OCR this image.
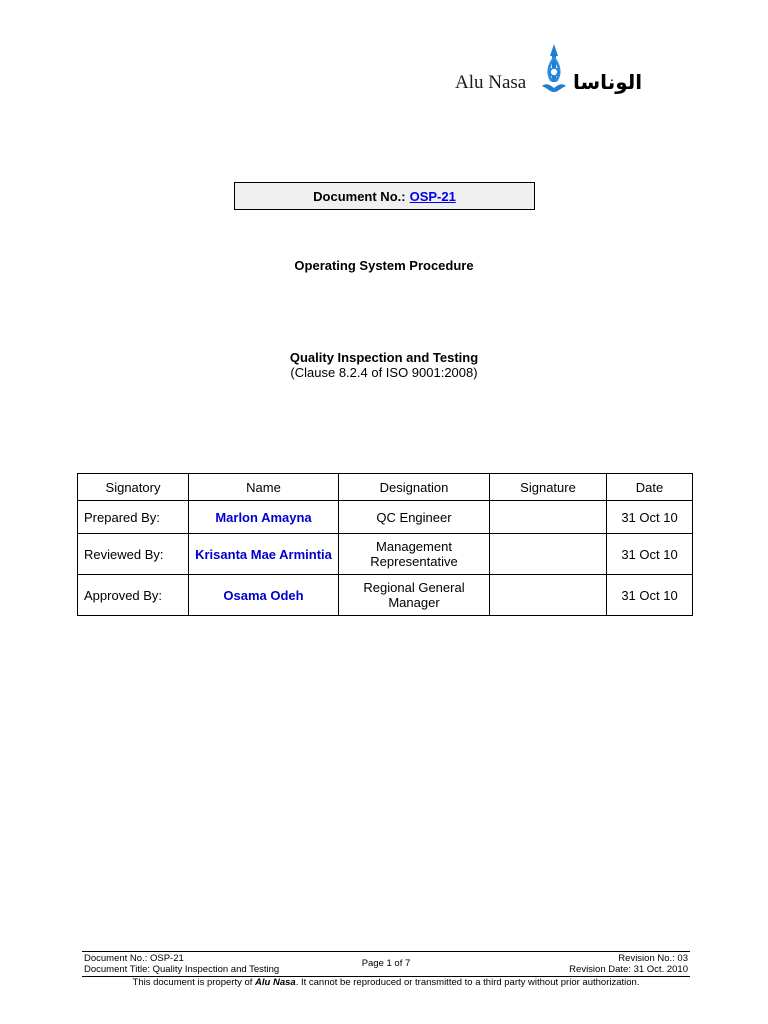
Alu Nasa الوناسا
Document No.: OSP-21
Operating System Procedure
Quality Inspection and Testing
(Clause 8.2.4 of ISO 9001:2008)
Signatory	Name	Designation	Signature	Date
Prepared By:	Marlon Amayna	QC Engineer		31 Oct 10
Reviewed By:	Krisanta Mae Armintia	Management Representative		31 Oct 10
Approved By:	Osama Odeh	Regional General Manager		31 Oct 10
Document No.: OSP-21
Document Title: Quality Inspection and Testing
Page 1 of 7	Revision No.: 03
Revision Date: 31 Oct. 2010
This document is property of Alu Nasa. It cannot be reproduced or transmitted to a third party without prior authorization.
